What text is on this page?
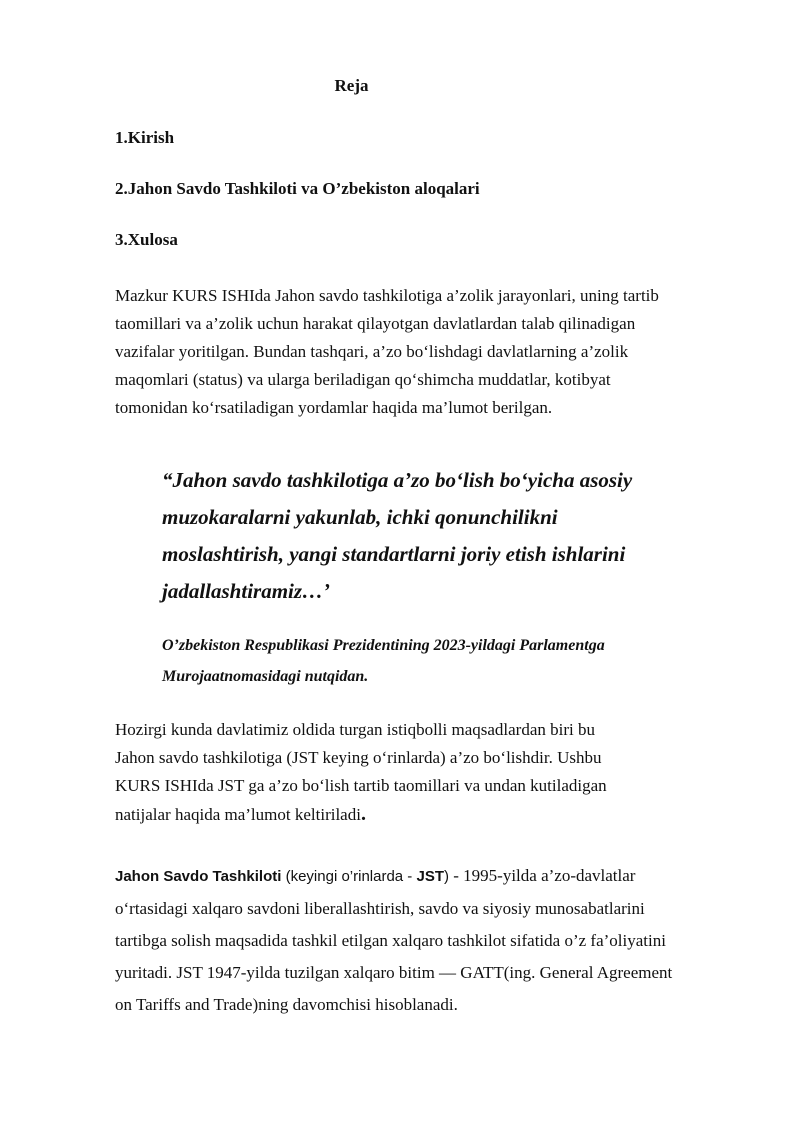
Reja
1.Kirish
2.Jahon Savdo Tashkiloti va O’zbekiston aloqalari
3.Xulosa
Mazkur KURS ISHIda Jahon savdo tashkilotiga a’zolik jarayonlari, uning tartib
taomillari va a’zolik uchun harakat qilayotgan davlatlardan talab qilinadigan
vazifalar yoritilgan. Bundan tashqari, a’zo bo‘lishdagi davlatlarning a’zolik
maqomlari (status) va ularga beriladigan qo‘shimcha muddatlar, kotibyat
tomonidan ko‘rsatiladigan yordamlar haqida ma’lumot berilgan.
“Jahon savdo tashkilotiga a’zo bo‘lish bo‘yicha asosiy
muzokaralarni yakunlab, ichki qonunchilikni
moslashtirish, yangi standartlarni joriy etish ishlarini
jadallashtiramiz…’
O’zbekiston Respublikasi Prezidentining 2023-yildagi Parlamentga
Murojaatnomasidagi nutqidan.
Hozirgi kunda davlatimiz oldida turgan istiqbolli maqsadlardan biri bu
Jahon savdo tashkilotiga (JST keying o‘rinlarda) a’zo bo‘lishdir. Ushbu
KURS ISHIda JST ga a’zo bo‘lish tartib taomillari va undan kutiladigan
natijalar haqida ma’lumot keltiriladi.
Jahon Savdo Tashkiloti (keyingi o’rinlarda - JST) - 1995-yilda a’zo-davlatlar
o‘rtasidagi xalqaro savdoni liberallashtirish, savdo va siyosiy munosabatlarini
tartibga solish maqsadida tashkil etilgan xalqaro tashkilot sifatida o’z fa’oliyatini
yuritadi. JST 1947-yilda tuzilgan xalqaro bitim — GATT(ing. General Agreement
on Tariffs and Trade)ning davomchisi hisoblanadi.
